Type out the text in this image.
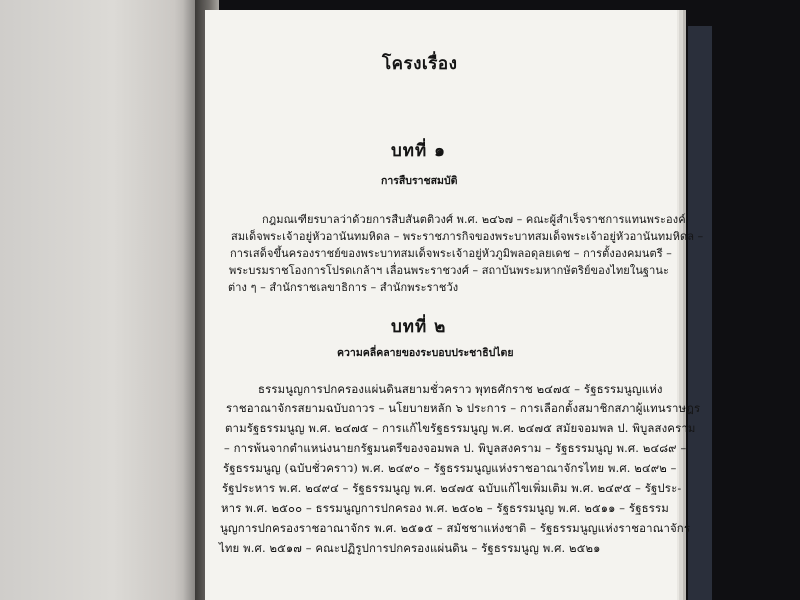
โครงเรื่อง
บทที่ ๑
การสืบราชสมบัติ
กฎมณเฑียรบาลว่าด้วยการสืบสันตติวงศ์ พ.ศ. ๒๔๖๗ – คณะผู้สำเร็จราชการแทนพระองค์
สมเด็จพระเจ้าอยู่หัวอานันทมหิดล – พระราชภารกิจของพระบาทสมเด็จพระเจ้าอยู่หัวอานันทมหิดล –
การเสด็จขึ้นครองราชย์ของพระบาทสมเด็จพระเจ้าอยู่หัวภูมิพลอดุลยเดช – การตั้งองคมนตรี –
พระบรมราชโองการโปรดเกล้าฯ เลื่อนพระราชวงศ์ – สถาบันพระมหากษัตริย์ของไทยในฐานะ
ต่าง ๆ – สำนักราชเลขาธิการ – สำนักพระราชวัง
บทที่ ๒
ความคลี่คลายของระบอบประชาธิปไตย
ธรรมนูญการปกครองแผ่นดินสยามชั่วคราว พุทธศักราช ๒๔๗๕ – รัฐธรรมนูญแห่ง
ราชอาณาจักรสยามฉบับถาวร – นโยบายหลัก ๖ ประการ – การเลือกตั้งสมาชิกสภาผู้แทนราษฎร
ตามรัฐธรรมนูญ พ.ศ. ๒๔๗๕ – การแก้ไขรัฐธรรมนูญ พ.ศ. ๒๔๗๕ สมัยจอมพล ป. พิบูลสงคราม
– การพ้นจากตำแหน่งนายกรัฐมนตรีของจอมพล ป. พิบูลสงคราม – รัฐธรรมนูญ พ.ศ. ๒๔๘๙ –
รัฐธรรมนูญ (ฉบับชั่วคราว) พ.ศ. ๒๔๙๐ – รัฐธรรมนูญแห่งราชอาณาจักรไทย พ.ศ. ๒๔๙๒ –
รัฐประหาร พ.ศ. ๒๔๙๔ – รัฐธรรมนูญ พ.ศ. ๒๔๗๕ ฉบับแก้ไขเพิ่มเติม พ.ศ. ๒๔๙๕ – รัฐประ-
หาร พ.ศ. ๒๕๐๐ – ธรรมนูญการปกครอง พ.ศ. ๒๕๐๒ – รัฐธรรมนูญ พ.ศ. ๒๕๑๑ – รัฐธรรม
นูญการปกครองราชอาณาจักร พ.ศ. ๒๕๑๕ – สมัชชาแห่งชาติ – รัฐธรรมนูญแห่งราชอาณาจักร
ไทย พ.ศ. ๒๕๑๗ – คณะปฏิรูปการปกครองแผ่นดิน – รัฐธรรมนูญ พ.ศ. ๒๕๒๑
